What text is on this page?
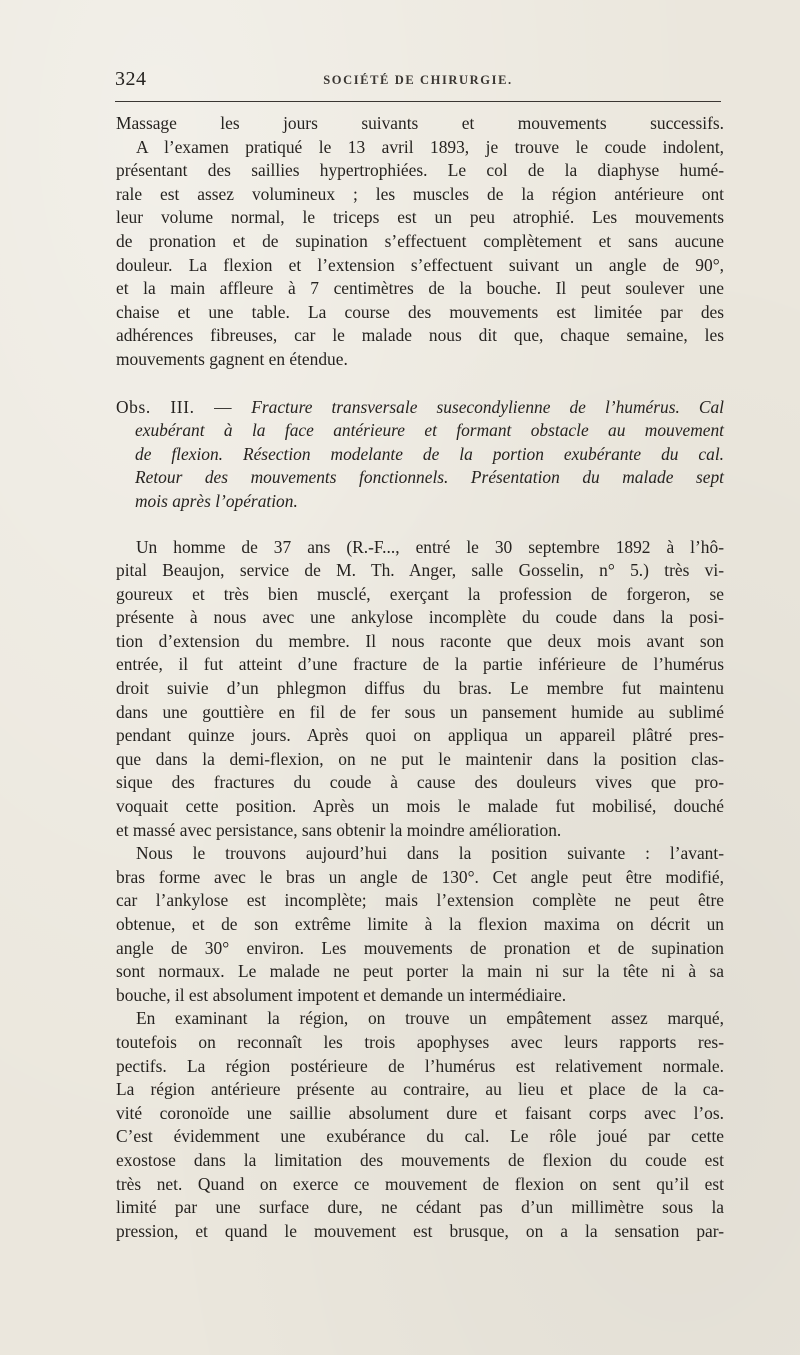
324	SOCIÉTÉ DE CHIRURGIE.
Massage les jours suivants et mouvements successifs.
A l’examen pratiqué le 13 avril 1893, je trouve le coude indolent,
présentant des saillies hypertrophiées. Le col de la diaphyse humé-
rale est assez volumineux ; les muscles de la région antérieure ont
leur volume normal, le triceps est un peu atrophié. Les mouvements
de pronation et de supination s’effectuent complètement et sans aucune
douleur. La flexion et l’extension s’effectuent suivant un angle de 90°,
et la main affleure à 7 centimètres de la bouche. Il peut soulever une
chaise et une table. La course des mouvements est limitée par des
adhérences fibreuses, car le malade nous dit que, chaque semaine, les
mouvements gagnent en étendue.
Obs. III. — Fracture transversale susecondylienne de l’humérus. Cal
exubérant à la face antérieure et formant obstacle au mouvement
de flexion. Résection modelante de la portion exubérante du cal.
Retour des mouvements fonctionnels. Présentation du malade sept
mois après l’opération.
Un homme de 37 ans (R.-F..., entré le 30 septembre 1892 à l’hô-
pital Beaujon, service de M. Th. Anger, salle Gosselin, n° 5.) très vi-
goureux et très bien musclé, exerçant la profession de forgeron, se
présente à nous avec une ankylose incomplète du coude dans la posi-
tion d’extension du membre. Il nous raconte que deux mois avant son
entrée, il fut atteint d’une fracture de la partie inférieure de l’humérus
droit suivie d’un phlegmon diffus du bras. Le membre fut maintenu
dans une gouttière en fil de fer sous un pansement humide au sublimé
pendant quinze jours. Après quoi on appliqua un appareil plâtré pres-
que dans la demi-flexion, on ne put le maintenir dans la position clas-
sique des fractures du coude à cause des douleurs vives que pro-
voquait cette position. Après un mois le malade fut mobilisé, douché
et massé avec persistance, sans obtenir la moindre amélioration.
Nous le trouvons aujourd’hui dans la position suivante : l’avant-
bras forme avec le bras un angle de 130°. Cet angle peut être modifié,
car l’ankylose est incomplète; mais l’extension complète ne peut être
obtenue, et de son extrême limite à la flexion maxima on décrit un
angle de 30° environ. Les mouvements de pronation et de supination
sont normaux. Le malade ne peut porter la main ni sur la tête ni à sa
bouche, il est absolument impotent et demande un intermédiaire.
En examinant la région, on trouve un empâtement assez marqué,
toutefois on reconnaît les trois apophyses avec leurs rapports res-
pectifs. La région postérieure de l’humérus est relativement normale.
La région antérieure présente au contraire, au lieu et place de la ca-
vité coronoïde une saillie absolument dure et faisant corps avec l’os.
C’est évidemment une exubérance du cal. Le rôle joué par cette
exostose dans la limitation des mouvements de flexion du coude est
très net. Quand on exerce ce mouvement de flexion on sent qu’il est
limité par une surface dure, ne cédant pas d’un millimètre sous la
pression, et quand le mouvement est brusque, on a la sensation par-
